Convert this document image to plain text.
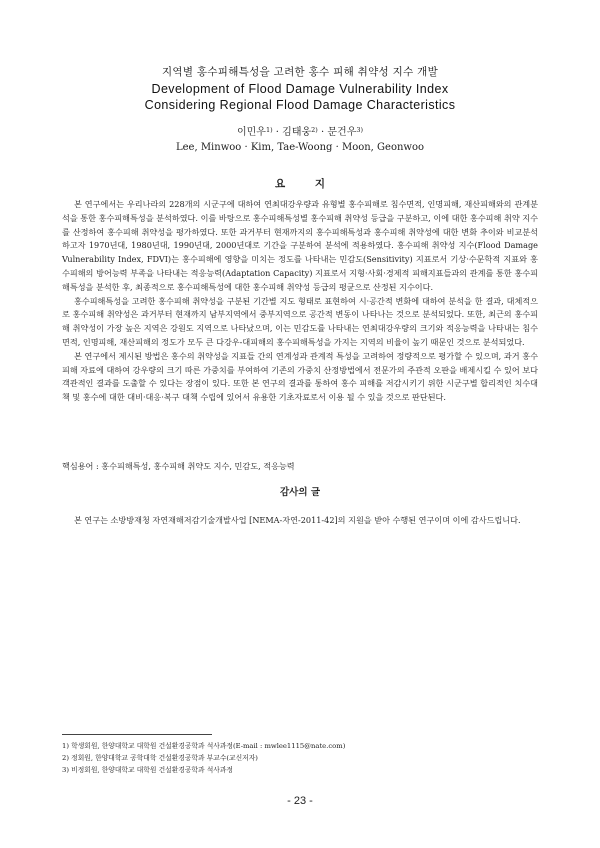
지역별 홍수피해특성을 고려한 홍수 피해 취약성 지수 개발
Development of Flood Damage Vulnerability Index
Considering Regional Flood Damage Characteristics
이민우$^{1)}$ · 김태웅$^{2)}$ · 문건우$^{3)}$
Lee, Minwoo · Kim, Tae-Woong · Moon, Geonwoo
요 지

본 연구에서는 우리나라의 228개의 시군구에 대하여 연최대강우량과 유형별 홍수피해로 침수면적, 인명피해, 재산피해와의 관계분석을 통한 홍수피해특성을 분석하였다. 이를 바탕으로 홍수피해특성별 홍수피해 취약성 등급을 구분하고, 이에 대한 홍수피해 취약 지수를 산정하여 홍수피해 취약성을 평가하였다. 또한 과거부터 현재까지의 홍수피해특성과 홍수피해 취약성에 대한 변화 추이와 비교분석 하고자 1970년대, 1980년대, 1990년대, 2000년대로 기간을 구분하여 분석에 적용하였다. 홍수피해 취약성 지수(Flood Damage Vulnerability Index, FDVI)는 홍수피해에 영향을 미치는 정도를 나타내는 민감도(Sensitivity) 지표로서 기상·수문학적 지표와 홍수피해의 방어능력 부족을 나타내는 적응능력(Adaptation Capacity) 지표로서 지형·사회·경제적 피해지표들과의 관계를 통한 홍수피해특성을 분석한 후, 최종적으로 홍수피해특성에 대한 홍수피해 취약성 등급의 평균으로 산정된 지수이다.

홍수피해특성을 고려한 홍수피해 취약성을 구분된 기간별 지도 형태로 표현하여 시·공간적 변화에 대하여 분석을 한 결과, 대체적으로 홍수피해 취약성은 과거부터 현재까지 남부지역에서 중부지역으로 공간적 변동이 나타나는 것으로 분석되었다. 또한, 최근의 홍수피해 취약성이 가장 높은 지역은 강원도 지역으로 나타났으며, 이는 민감도를 나타내는 연최대강우량의 크기와 적응능력을 나타내는 침수면적, 인명피해, 재산피해의 정도가 모두 큰 다강우-대피해의 홍수피해특성을 가지는 지역의 비율이 높기 때문인 것으로 분석되었다.

본 연구에서 제시된 방법은 홍수의 취약성을 지표들 간의 연계성과 관계적 특성을 고려하여 정량적으로 평가할 수 있으며, 과거 홍수피해 자료에 대하여 강우량의 크기 따른 가중치를 부여하여 기존의 가중치 산정방법에서 전문가의 주관적 오판을 배제시킬 수 있어 보다 객관적인 결과를 도출할 수 있다는 장점이 있다. 또한 본 연구의 결과를 통하여 홍수 피해를 저감시키기 위한 시군구별 합리적인 치수대책 및 홍수에 대한 대비·대응·복구 대책 수립에 있어서 유용한 기초자료로서 이용 될 수 있을 것으로 판단된다.

핵심용어 : 홍수피해특성, 홍수피해 취약도 지수, 민감도, 적응능력
감사의 글

본 연구는 소방방재청 자연재해저감기술개발사업 [NEMA-자연-2011-42]의 지원을 받아 수행된 연구이며 이에 감사드립니다.

1) 학생회원, 한양대학교 대학원 건설환경공학과 석사과정(E-mail : mwlee1115@nate.com)
2) 정회원, 한양대학교 공학대학 건설환경공학과 부교수(교신저자)
3) 비정회원, 한양대학교 대학원 건설환경공학과 석사과정
- 23 -
